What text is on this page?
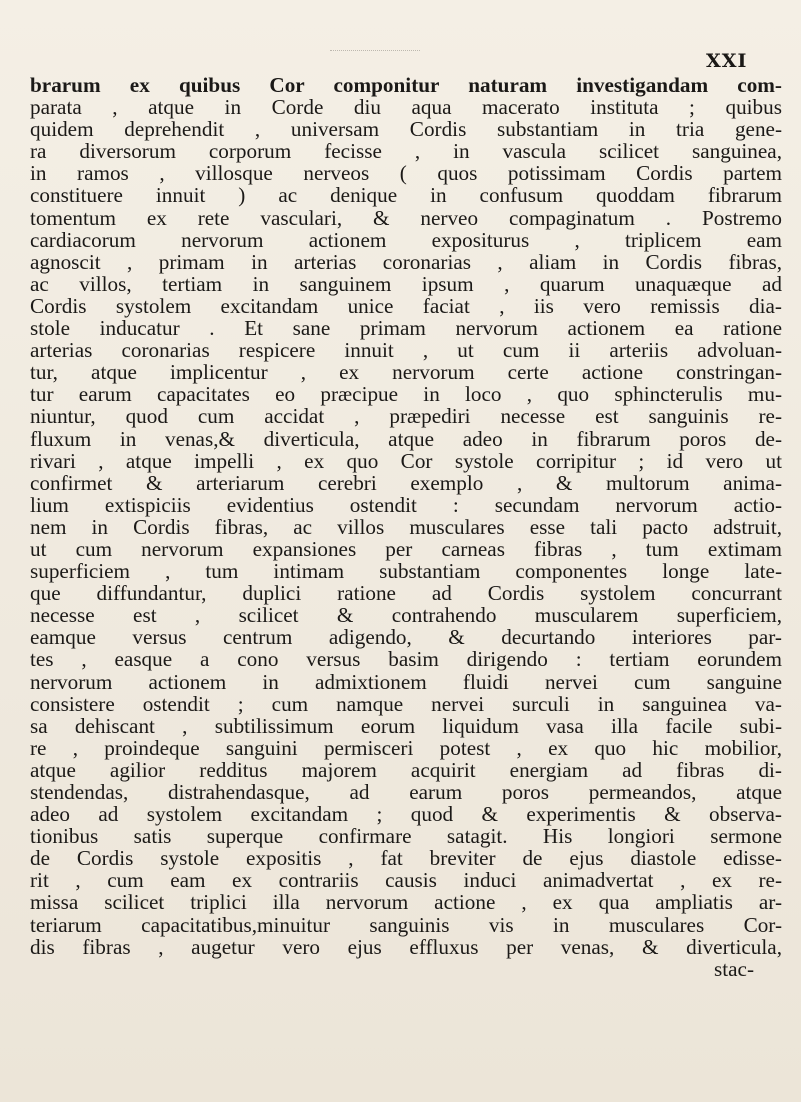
XXI
brarum ex quibus Cor componitur naturam investigandam com-
parata , atque in Corde diu aqua macerato instituta ; quibus
quidem deprehendit , universam Cordis substantiam in tria gene-
ra diversorum corporum fecisse , in vascula scilicet sanguinea,
in ramos , villosque nerveos ( quos potissimam Cordis partem
constituere innuit ) ac denique in confusum quoddam fibrarum
tomentum ex rete vasculari, & nerveo compaginatum . Postremo
cardiacorum nervorum actionem expositurus , triplicem eam
agnoscit , primam in arterias coronarias , aliam in Cordis fibras,
ac villos, tertiam in sanguinem ipsum , quarum unaquæque ad
Cordis systolem excitandam unice faciat , iis vero remissis dia-
stole inducatur . Et sane primam nervorum actionem ea ratione
arterias coronarias respicere innuit , ut cum ii arteriis advoluan-
tur, atque implicentur , ex nervorum certe actione constringan-
tur earum capacitates eo præcipue in loco , quo sphincterulis mu-
niuntur, quod cum accidat , præpediri necesse est sanguinis re-
fluxum in venas,& diverticula, atque adeo in fibrarum poros de-
rivari , atque impelli , ex quo Cor systole corripitur ; id vero ut
confirmet & arteriarum cerebri exemplo , & multorum anima-
lium extispiciis evidentius ostendit : secundam nervorum actio-
nem in Cordis fibras, ac villos musculares esse tali pacto adstruit,
ut cum nervorum expansiones per carneas fibras , tum extimam
superficiem , tum intimam substantiam componentes longe late-
que diffundantur, duplici ratione ad Cordis systolem concurrant
necesse est , scilicet & contrahendo muscularem superficiem,
eamque versus centrum adigendo, & decurtando interiores par-
tes , easque a cono versus basim dirigendo : tertiam eorundem
nervorum actionem in admixtionem fluidi nervei cum sanguine
consistere ostendit ; cum namque nervei surculi in sanguinea va-
sa dehiscant , subtilissimum eorum liquidum vasa illa facile subi-
re , proindeque sanguini permisceri potest , ex quo hic mobilior,
atque agilior redditus majorem acquirit energiam ad fibras di-
stendendas, distrahendasque, ad earum poros permeandos, atque
adeo ad systolem excitandam ; quod & experimentis & observa-
tionibus satis superque confirmare satagit. His longiori sermone
de Cordis systole expositis , fat breviter de ejus diastole edisse-
rit , cum eam ex contrariis causis induci animadvertat , ex re-
missa scilicet triplici illa nervorum actione , ex qua ampliatis ar-
teriarum capacitatibus,minuitur sanguinis vis in musculares Cor-
dis fibras , augetur vero ejus effluxus per venas, & diverticula,
stac-
